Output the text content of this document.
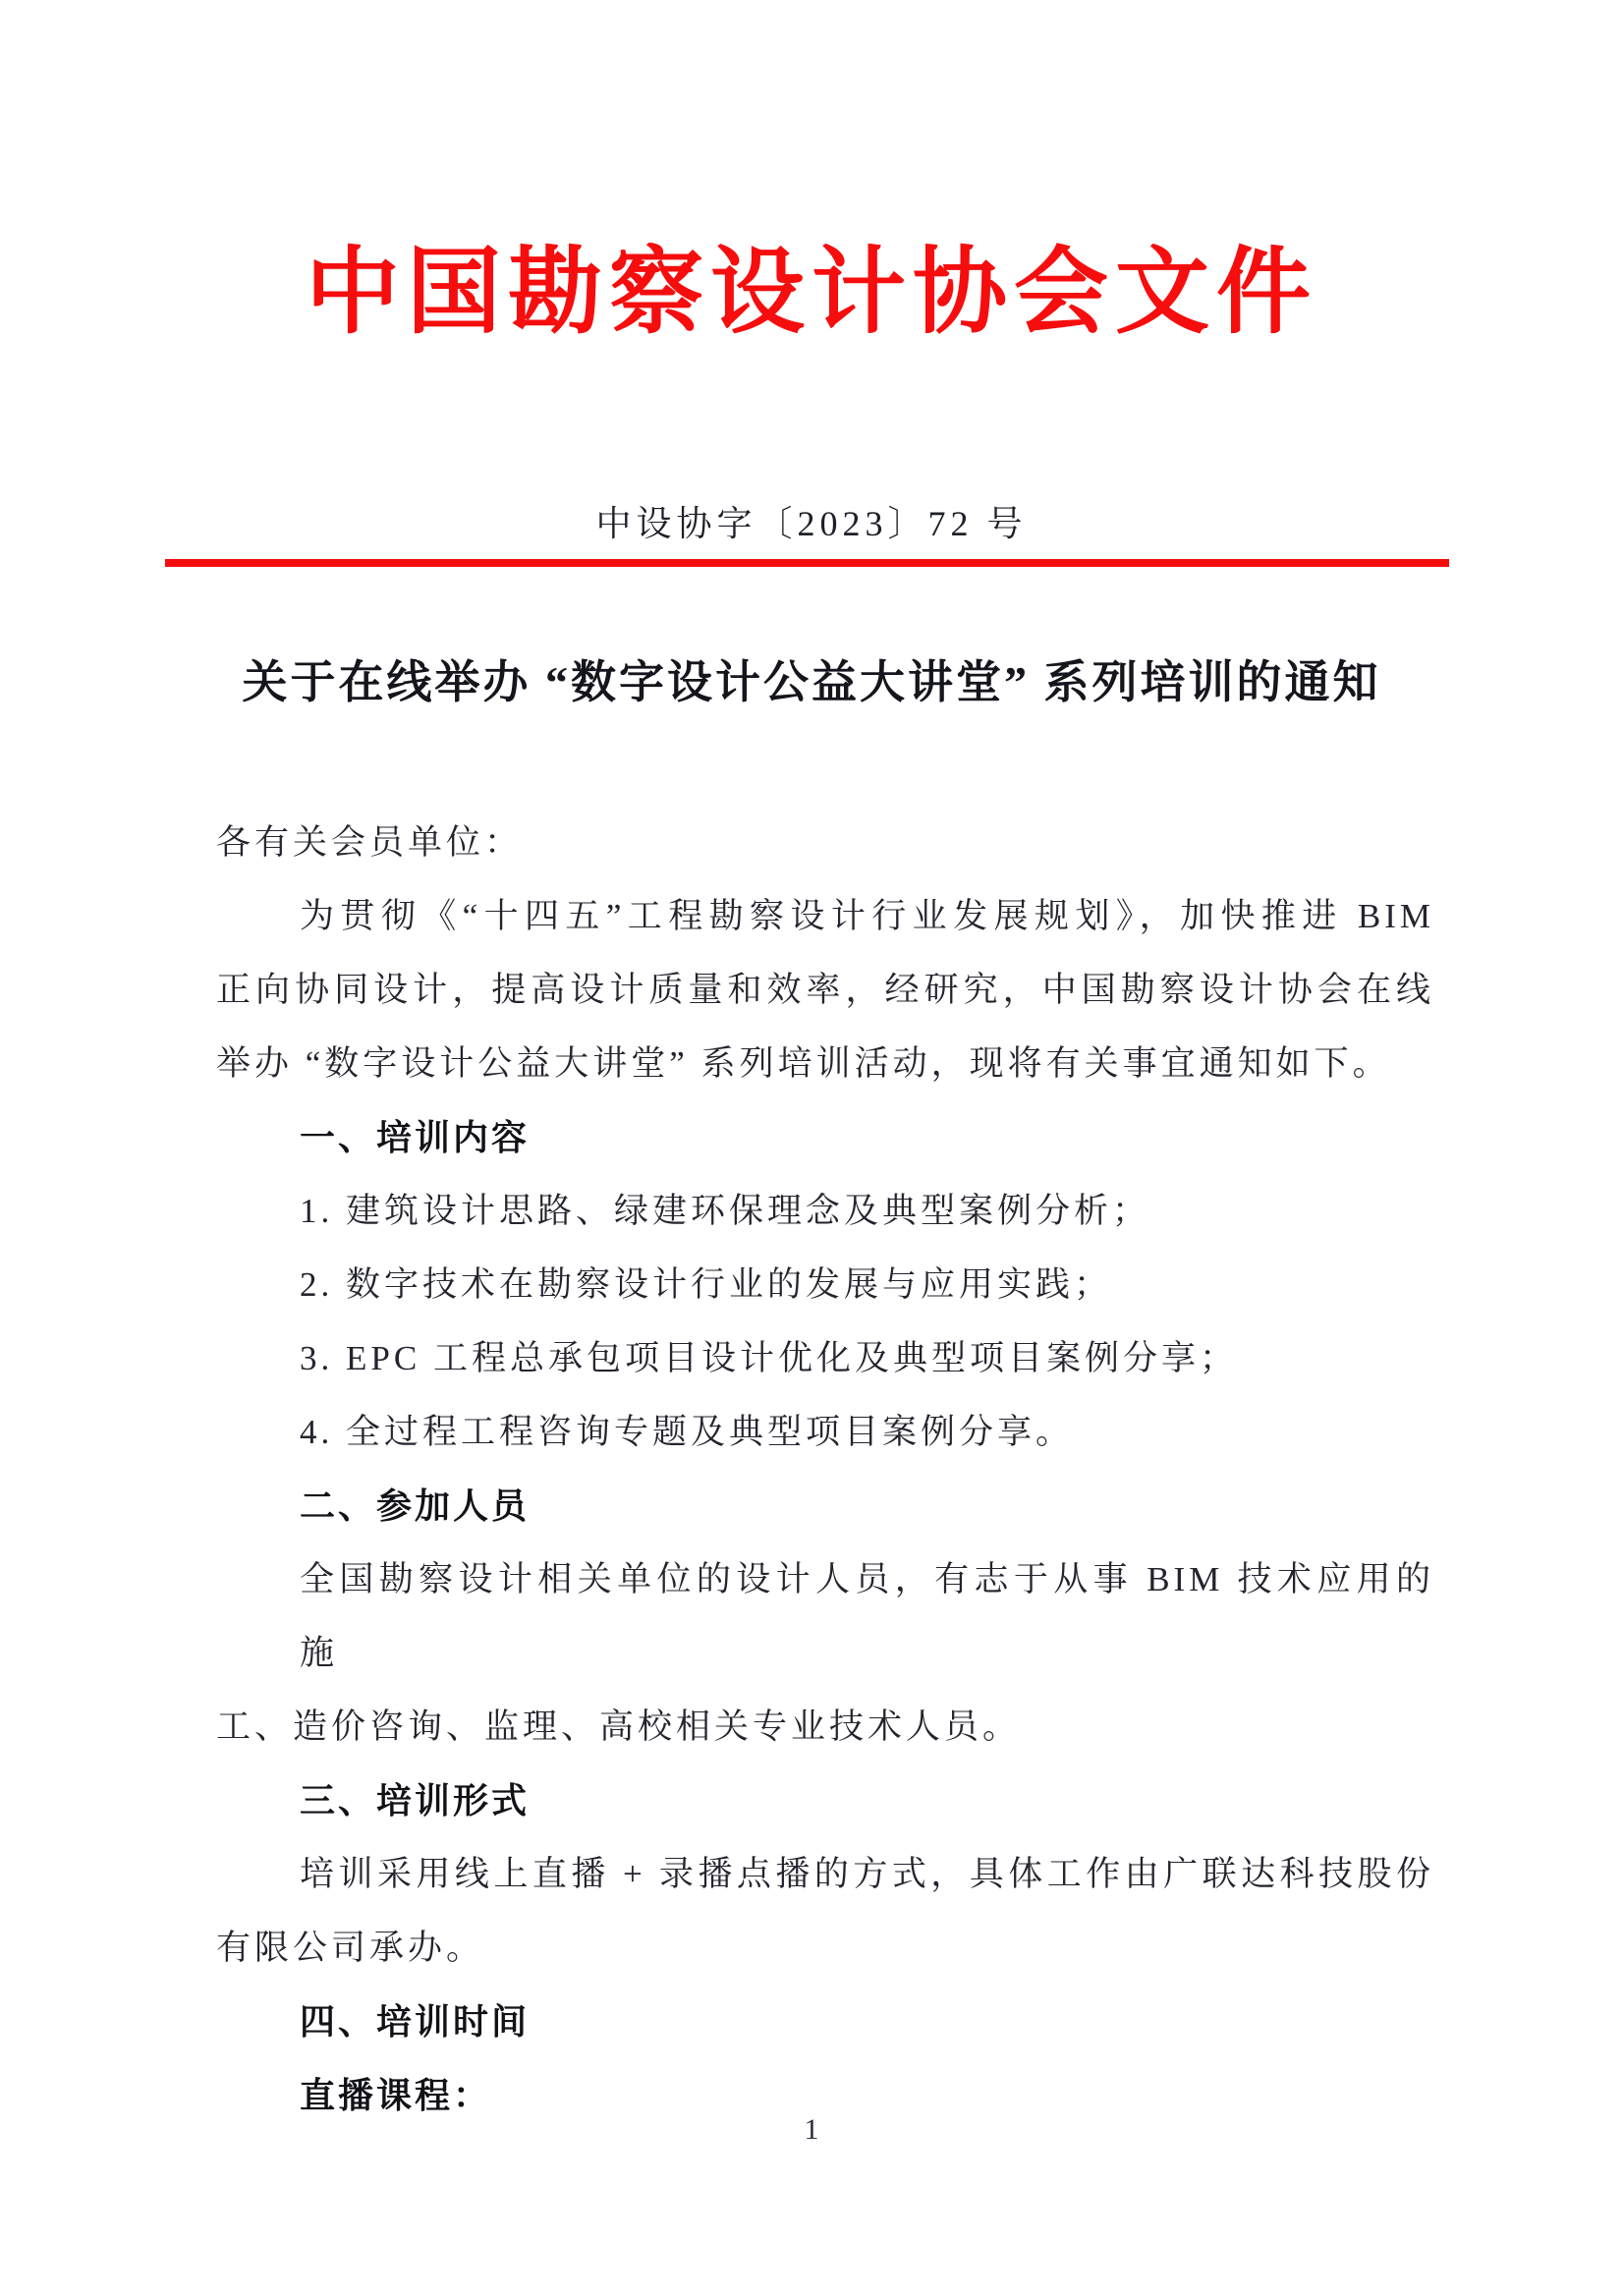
中国勘察设计协会文件
中设协字〔2023〕72 号
关于在线举办 “数字设计公益大讲堂” 系列培训的通知
各有关会员单位：
为贯彻《“十四五”工程勘察设计行业发展规划》，加快推进 BIM
正向协同设计，提高设计质量和效率，经研究，中国勘察设计协会在线
举办 “数字设计公益大讲堂” 系列培训活动，现将有关事宜通知如下。
一、培训内容
1. 建筑设计思路、绿建环保理念及典型案例分析；
2. 数字技术在勘察设计行业的发展与应用实践；
3. EPC 工程总承包项目设计优化及典型项目案例分享；
4. 全过程工程咨询专题及典型项目案例分享。
二、参加人员
全国勘察设计相关单位的设计人员，有志于从事 BIM 技术应用的施
工、造价咨询、监理、高校相关专业技术人员。
三、培训形式
培训采用线上直播 + 录播点播的方式，具体工作由广联达科技股份
有限公司承办。
四、培训时间
直播课程：
1
